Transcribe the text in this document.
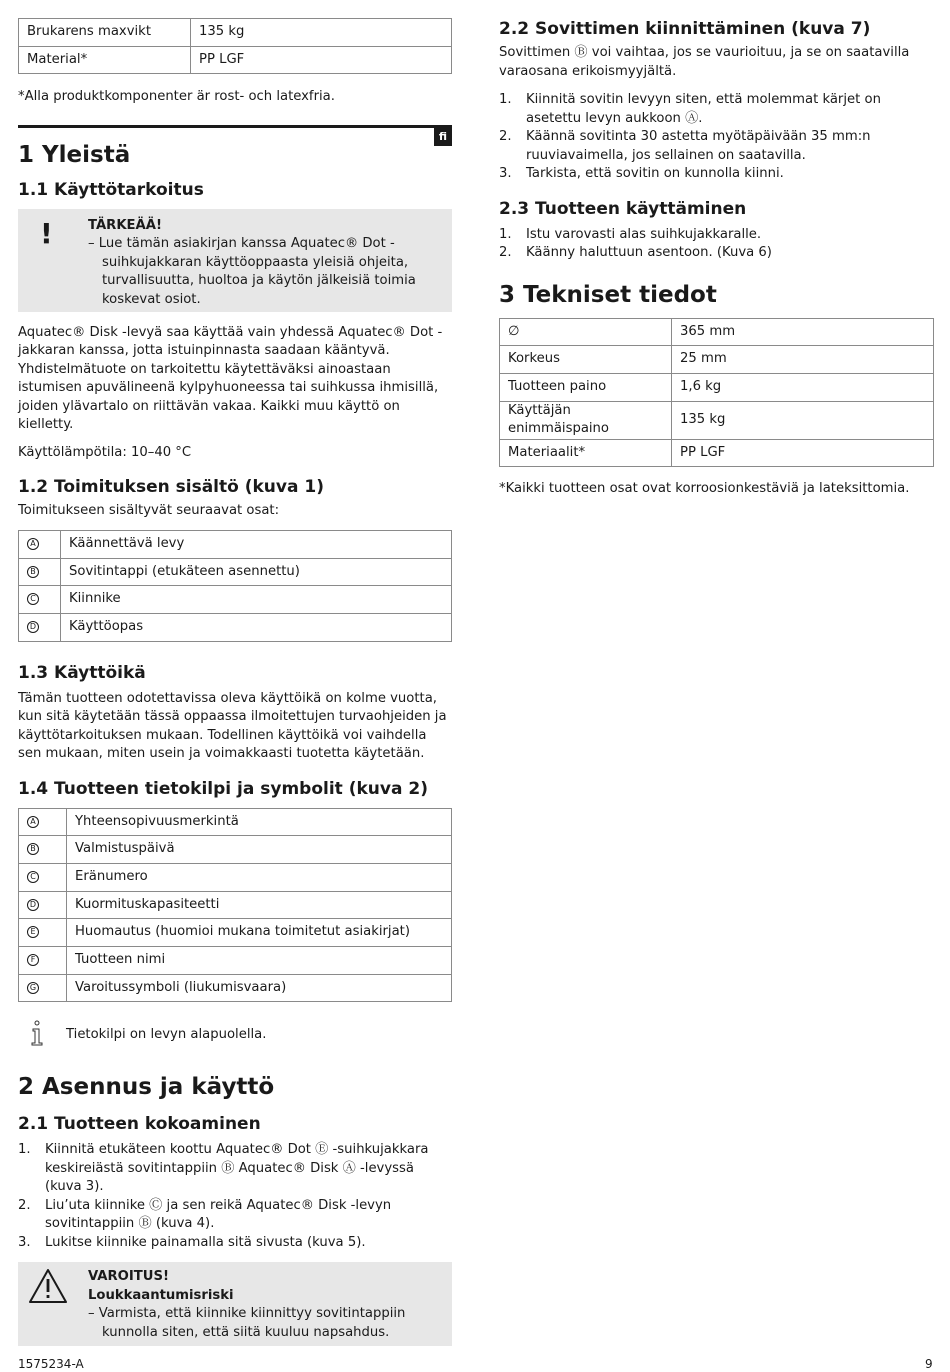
Brukarens maxvikt	135 kg
Material*	PP LGF

*Alla produktkomponenter är rost- och latexfria.

fi
1 Yleistä
1.1 Käyttötarkoitus
!	TÄRKEÄÄ!
– Lue tämän asiakirjan kanssa Aquatec® Dot -suihkujakkaran käyttöoppaasta yleisiä ohjeita, turvallisuutta, huoltoa ja käytön jälkeisiä toimia koskevat osiot.

Aquatec® Disk -levyä saa käyttää vain yhdessä Aquatec® Dot -jakkaran kanssa, jotta istuinpinnasta saadaan kääntyvä. Yhdistelmätuote on tarkoitettu käytettäväksi ainoastaan istumisen apuvälineenä kylpyhuoneessa tai suihkussa ihmisillä, joiden ylävartalo on riittävän vakaa. Kaikki muu käyttö on kielletty.

Käyttölämpötila: 10–40 °C

1.2 Toimituksen sisältö (kuva 1)

Toimitukseen sisältyvät seuraavat osat:

A	Käännettävä levy
B	Sovitintappi (etukäteen asennettu)
C	Kiinnike
D	Käyttöopas
1.3 Käyttöikä

Tämän tuotteen odotettavissa oleva käyttöikä on kolme vuotta, kun sitä käytetään tässä oppaassa ilmoitettujen turvaohjeiden ja käyttötarkoituksen mukaan. Todellinen käyttöikä voi vaihdella sen mukaan, miten usein ja voimakkaasti tuotetta käytetään.

1.4 Tuotteen tietokilpi ja symbolit (kuva 2)
A	Yhteensopivuusmerkintä
B	Valmistuspäivä
C	Eränumero
D	Kuormituskapasiteetti
E	Huomautus (huomioi mukana toimitetut asiakirjat)
F	Tuotteen nimi
G	Varoitussymboli (liukumisvaara)
Tietokilpi on levyn alapuolella.
2 Asennus ja käyttö
2.1 Tuotteen kokoaminen
1. Kiinnitä etukäteen koottu Aquatec® Dot Ⓔ -suihkujakkara keskireiästä sovitintappiin Ⓑ Aquatec® Disk Ⓐ -levyssä (kuva 3).
2. Liu’uta kiinnike Ⓒ ja sen reikä Aquatec® Disk -levyn sovitintappiin Ⓑ (kuva 4).
3. Lukitse kiinnike painamalla sitä sivusta (kuva 5).
VAROITUS!
Loukkaantumisriski
– Varmista, että kiinnike kiinnittyy sovitintappiin kunnolla siten, että siitä kuuluu napsahdus.
2.2 Sovittimen kiinnittäminen (kuva 7)

Sovittimen Ⓑ voi vaihtaa, jos se vaurioituu, ja se on saatavilla varaosana erikoismyyjältä.

1. Kiinnitä sovitin levyyn siten, että molemmat kärjet on asetettu levyn aukkoon Ⓐ.
2. Käännä sovitinta 30 astetta myötäpäivään 35 mm:n ruuviavaimella, jos sellainen on saatavilla.
3. Tarkista, että sovitin on kunnolla kiinni.
2.3 Tuotteen käyttäminen
1. Istu varovasti alas suihkujakkaralle.
2. Käänny haluttuun asentoon. (Kuva 6)
3 Tekniset tiedot
∅	365 mm
Korkeus	25 mm
Tuotteen paino	1,6 kg
Käyttäjän enimmäispaino	135 kg
Materiaalit*	PP LGF

*Kaikki tuotteen osat ovat korroosionkestäviä ja lateksittomia.

1575234-A	9
